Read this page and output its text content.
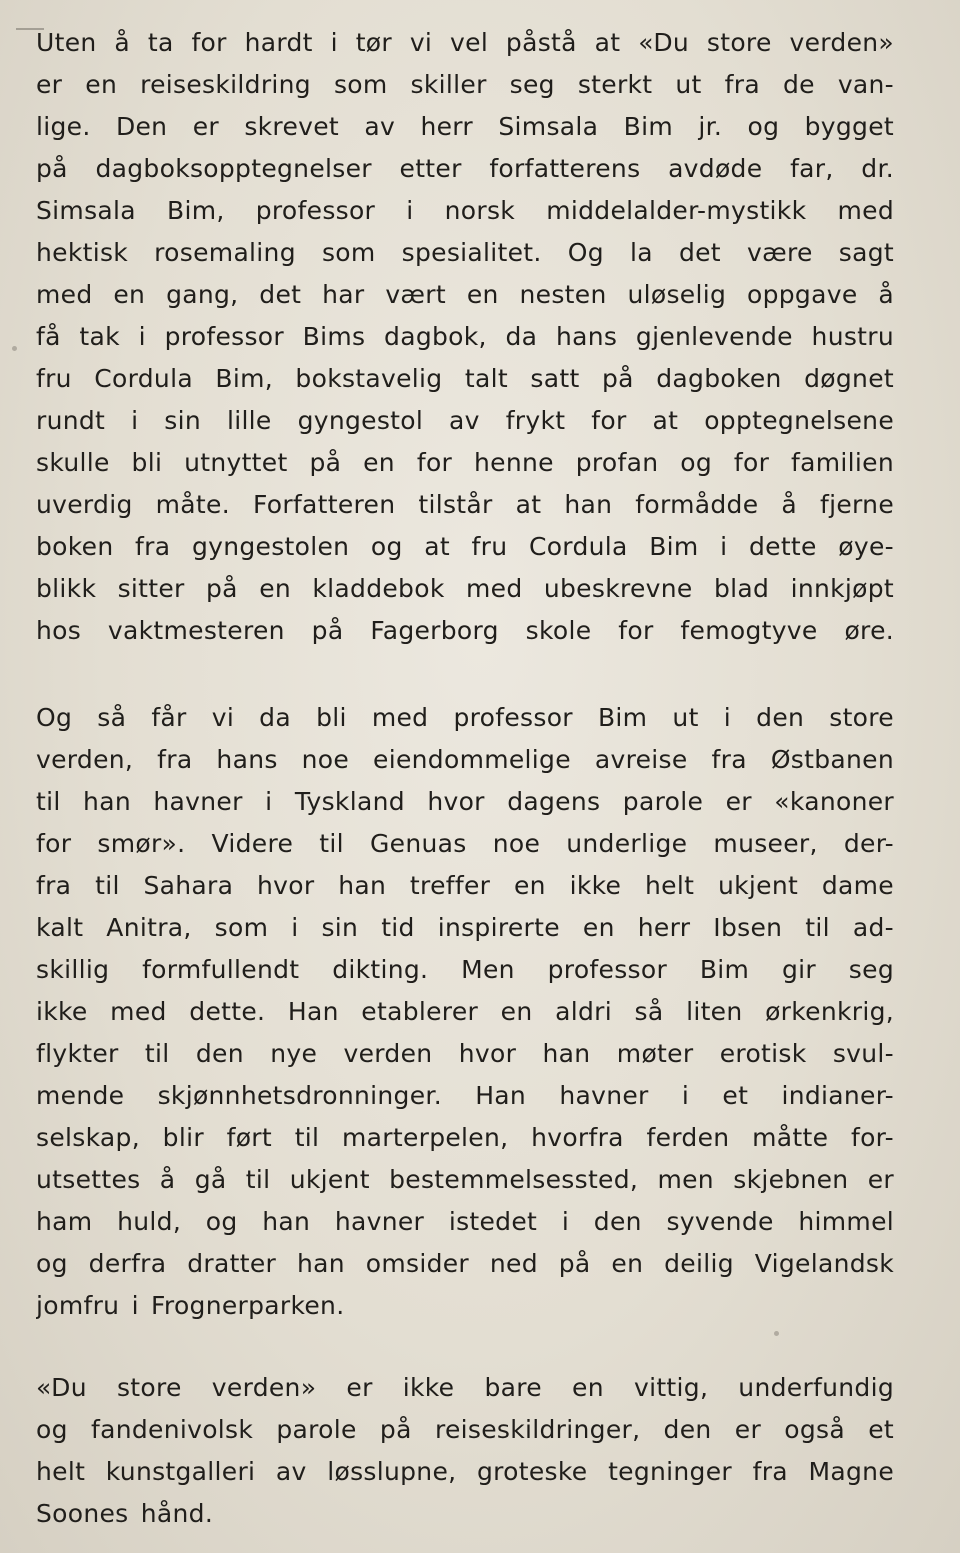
Uten å ta for hardt i tør vi vel påstå at «Du store verden»
er en reiseskildring som skiller seg sterkt ut fra de van-
lige. Den er skrevet av herr Simsala Bim jr. og bygget
på dagboksopptegnelser etter forfatterens avdøde far, dr.
Simsala Bim, professor i norsk middelalder-mystikk med
hektisk rosemaling som spesialitet. Og la det være sagt
med en gang, det har vært en nesten uløselig oppgave å
få tak i professor Bims dagbok, da hans gjenlevende hustru
fru Cordula Bim, bokstavelig talt satt på dagboken døgnet
rundt i sin lille gyngestol av frykt for at opptegnelsene
skulle bli utnyttet på en for henne profan og for familien
uverdig måte. Forfatteren tilstår at han formådde å fjerne
boken fra gyngestolen og at fru Cordula Bim i dette øye-
blikk sitter på en kladdebok med ubeskrevne blad innkjøpt
hos vaktmesteren på Fagerborg skole for femogtyve øre.

Og så får vi da bli med professor Bim ut i den store
verden, fra hans noe eiendommelige avreise fra Østbanen
til han havner i Tyskland hvor dagens parole er «kanoner
for smør». Videre til Genuas noe underlige museer, der-
fra til Sahara hvor han treffer en ikke helt ukjent dame
kalt Anitra, som i sin tid inspirerte en herr Ibsen til ad-
skillig formfullendt dikting. Men professor Bim gir seg
ikke med dette. Han etablerer en aldri så liten ørkenkrig,
flykter til den nye verden hvor han møter erotisk svul-
mende skjønnhetsdronninger. Han havner i et indianer-
selskap, blir ført til marterpelen, hvorfra ferden måtte for-
utsettes å gå til ukjent bestemmelsessted, men skjebnen er
ham huld, og han havner istedet i den syvende himmel
og derfra dratter han omsider ned på en deilig Vigelandsk
jomfru i Frognerparken.

«Du store verden» er ikke bare en vittig, underfundig
og fandenivolsk parole på reiseskildringer, den er også et
helt kunstgalleri av løsslupne, groteske tegninger fra Magne
Soones hånd.
